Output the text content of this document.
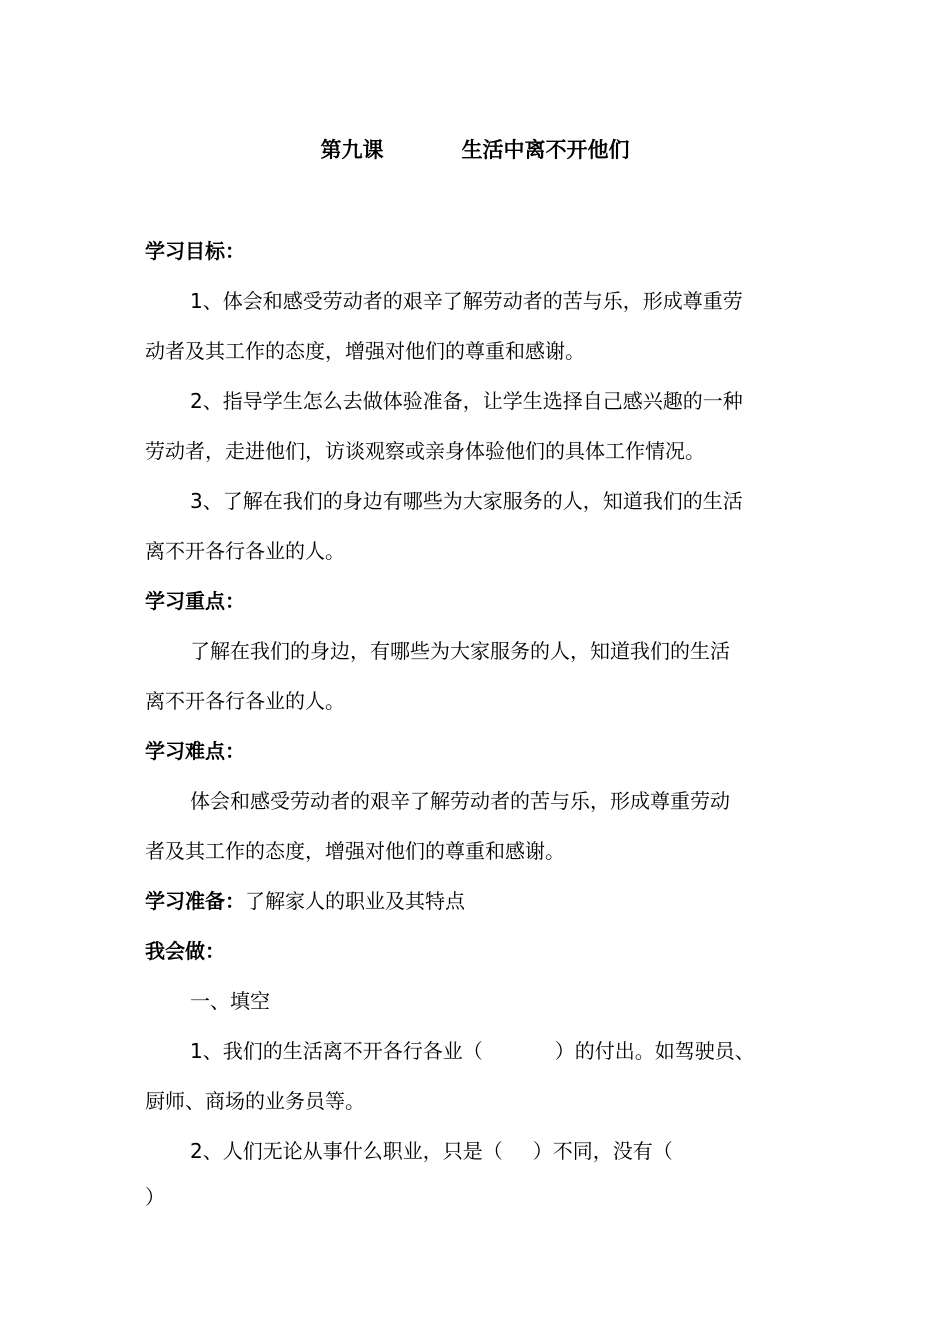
第九课	生活中离不开他们
学习目标：
1、体会和感受劳动者的艰辛了解劳动者的苦与乐，形成尊重劳
动者及其工作的态度，增强对他们的尊重和感谢。
2、指导学生怎么去做体验准备，让学生选择自己感兴趣的一种
劳动者，走进他们，访谈观察或亲身体验他们的具体工作情况。
3、了解在我们的身边有哪些为大家服务的人，知道我们的生活
离不开各行各业的人。
学习重点：
了解在我们的身边，有哪些为大家服务的人，知道我们的生活
离不开各行各业的人。
学习难点：
体会和感受劳动者的艰辛了解劳动者的苦与乐，形成尊重劳动
者及其工作的态度，增强对他们的尊重和感谢。
学习准备：了解家人的职业及其特点
我会做：
一、填空
1、我们的生活离不开各行各业（	）的付出。如驾驶员、
厨师、商场的业务员等。
2、人们无论从事什么职业，只是（ ）不同，没有（
）
